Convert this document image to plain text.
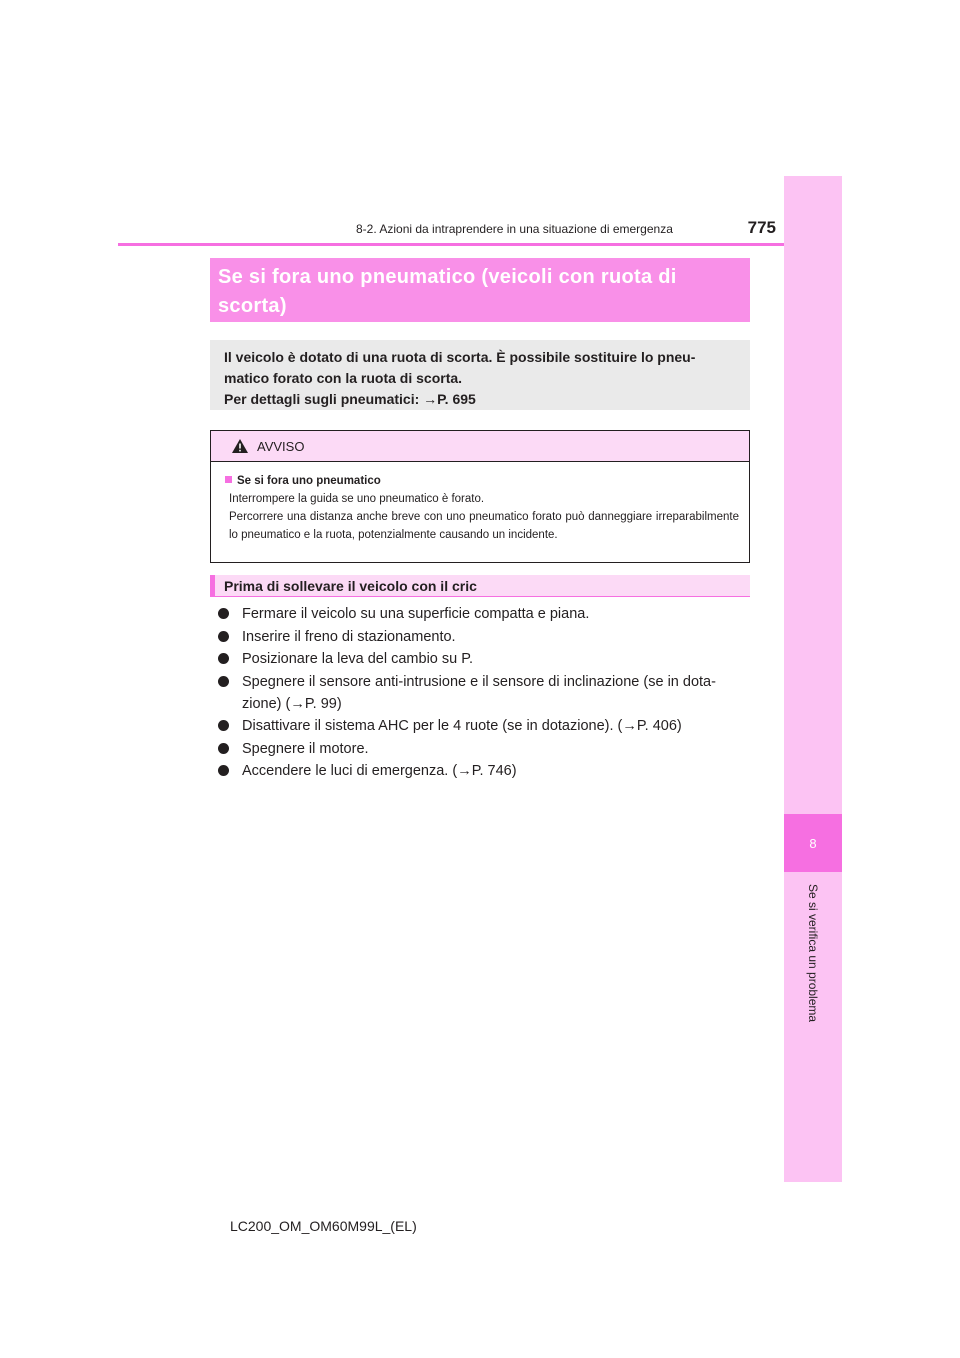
8
Se si verifica un problema
8-2. Azioni da intraprendere in una situazione di emergenza	775
Se si fora uno pneumatico (veicoli con ruota di
scorta)
Il veicolo è dotato di una ruota di scorta. È possibile sostituire lo pneu-
matico forato con la ruota di scorta.
Per dettagli sugli pneumatici: →P. 695
AVVISO
Se si fora uno pneumatico
Interrompere la guida se uno pneumatico è forato.
Percorrere una distanza anche breve con uno pneumatico forato può danneggiare irreparabilmente lo pneumatico e la ruota, potenzialmente causando un incidente.
Prima di sollevare il veicolo con il cric
Fermare il veicolo su una superficie compatta e piana.
Inserire il freno di stazionamento.
Posizionare la leva del cambio su P.
Spegnere il sensore anti-intrusione e il sensore di inclinazione (se in dota-zione) (→P. 99)
Disattivare il sistema AHC per le 4 ruote (se in dotazione). (→P. 406)
Spegnere il motore.
Accendere le luci di emergenza. (→P. 746)
LC200_OM_OM60M99L_(EL)
